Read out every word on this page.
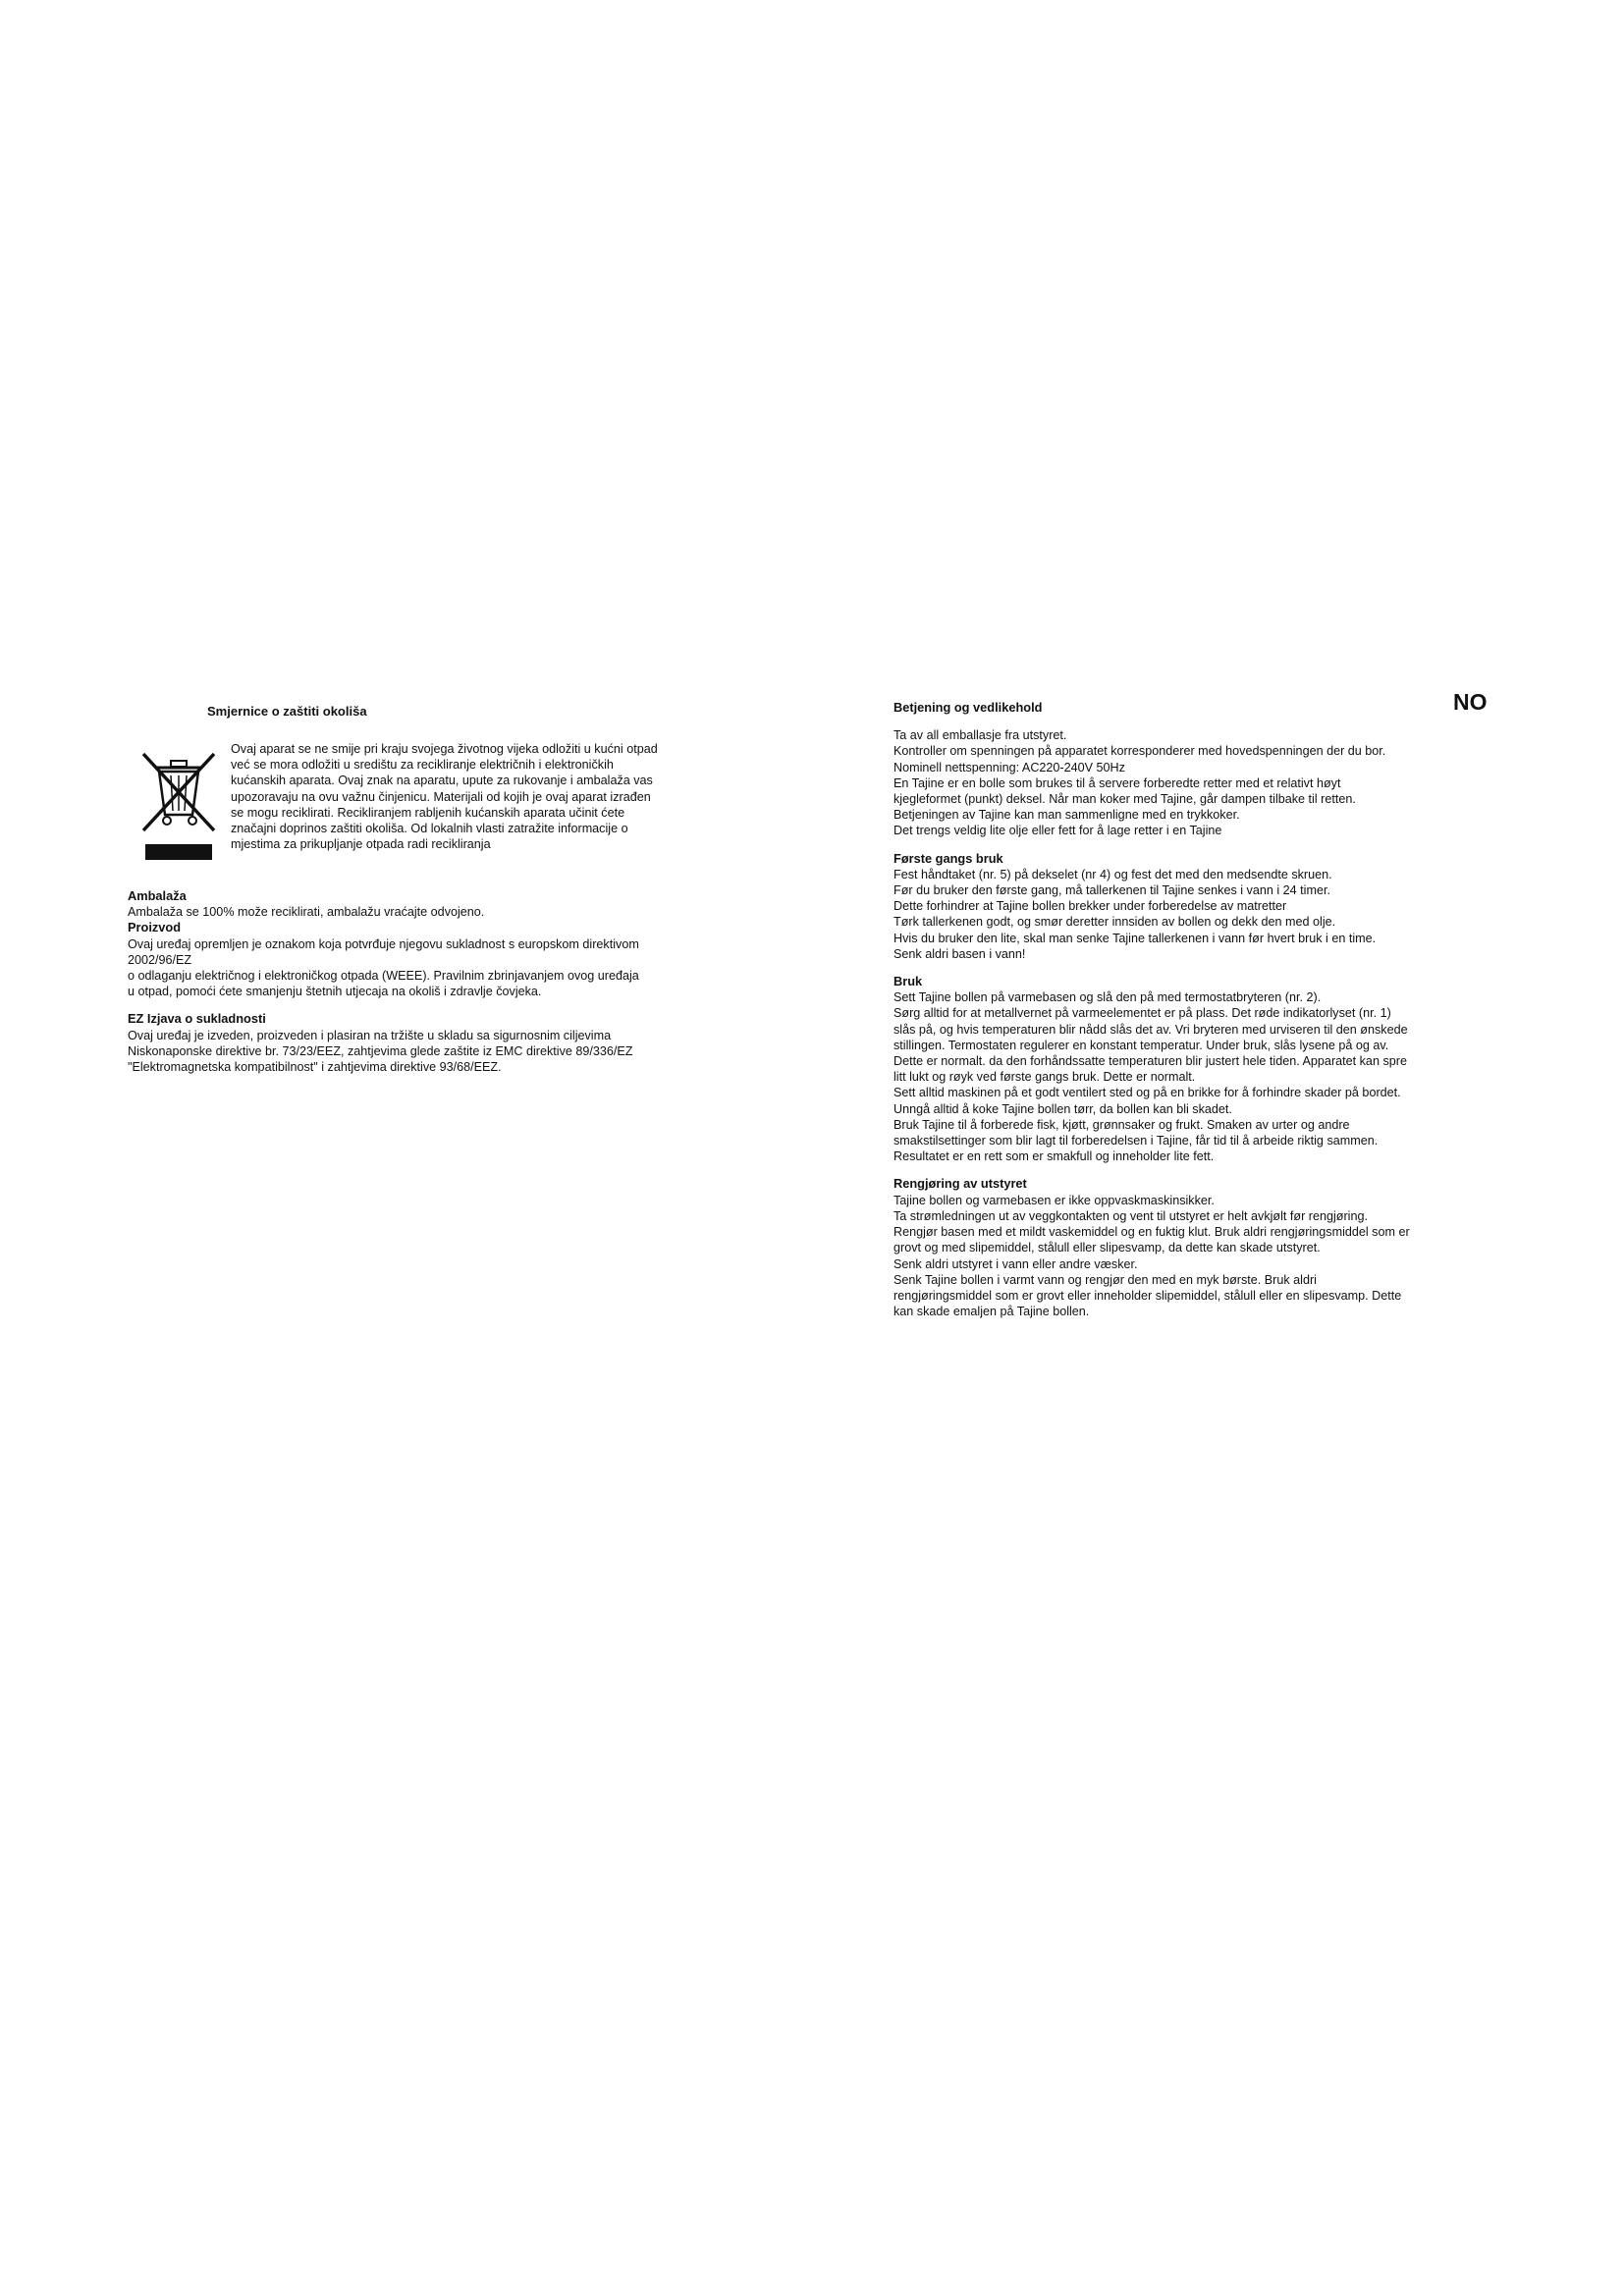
Smjernice o zaštiti okoliša
Ovaj aparat se ne smije pri kraju svojega životnog vijeka odložiti u kućni otpad
već se mora odložiti u središtu za recikliranje električnih i elektroničkih
kućanskih aparata. Ovaj znak na aparatu, upute za rukovanje i ambalaža vas
upozoravaju na ovu važnu činjenicu. Materijali od kojih je ovaj aparat izrađen
se mogu reciklirati. Recikliranjem rabljenih kućanskih aparata učinit ćete
značajni doprinos zaštiti okoliša. Od lokalnih vlasti zatražite informacije o
mjestima za prikupljanje otpada radi recikliranja
Ambalaža
Ambalaža se 100% može reciklirati, ambalažu vraćajte odvojeno.
Proizvod
Ovaj uređaj opremljen je oznakom koja potvrđuje njegovu sukladnost s europskom direktivom
2002/96/EZ
o odlaganju električnog i elektroničkog otpada (WEEE). Pravilnim zbrinjavanjem ovog uređaja
u otpad, pomoći ćete smanjenju štetnih utjecaja na okoliš i zdravlje čovjeka.
EZ Izjava o sukladnosti
Ovaj uređaj je izveden, proizveden i plasiran na tržište u skladu sa sigurnosnim ciljevima
Niskonaponske direktive br. 73/23/EEZ, zahtjevima glede zaštite iz EMC direktive 89/336/EZ
"Elektromagnetska kompatibilnost" i zahtjevima direktive 93/68/EEZ.
NO
Betjening og vedlikehold
Ta av all emballasje fra utstyret.
Kontroller om spenningen på apparatet korresponderer med hovedspenningen der du bor.
Nominell nettspenning: AC220-240V 50Hz
En Tajine er en bolle som brukes til å servere forberedte retter med et relativt høyt
kjegleformet (punkt) deksel. Når man koker med Tajine, går dampen tilbake til retten.
Betjeningen av Tajine kan man sammenligne med en trykkoker.
Det trengs veldig lite olje eller fett for å lage retter i en Tajine
Første gangs bruk
Fest håndtaket (nr. 5) på dekselet (nr 4) og fest det med den medsendte skruen.
Før du bruker den første gang, må tallerkenen til Tajine senkes i vann i 24 timer.
Dette forhindrer at Tajine bollen brekker under forberedelse av matretter
Tørk tallerkenen godt, og smør deretter innsiden av bollen og dekk den med olje.
Hvis du bruker den lite, skal man senke Tajine tallerkenen i vann før hvert bruk i en time.
Senk aldri basen i vann!
Bruk
Sett Tajine bollen på varmebasen og slå den på med termostatbryteren (nr. 2).
Sørg alltid for at metallvernet på varmeelementet er på plass. Det røde indikatorlyset (nr. 1)
slås på, og hvis temperaturen blir nådd slås det av. Vri bryteren med urviseren til den ønskede
stillingen. Termostaten regulerer en konstant temperatur. Under bruk, slås lysene på og av.
Dette er normalt. da den forhåndssatte temperaturen blir justert hele tiden. Apparatet kan spre
litt lukt og røyk ved første gangs bruk. Dette er normalt.
Sett alltid maskinen på et godt ventilert sted og på en brikke for å forhindre skader på bordet.
Unngå alltid å koke Tajine bollen tørr, da bollen kan bli skadet.
Bruk Tajine til å forberede fisk, kjøtt, grønnsaker og frukt. Smaken av urter og andre
smakstilsettinger som blir lagt til forberedelsen i Tajine, får tid til å arbeide riktig sammen.
Resultatet er en rett som er smakfull og inneholder lite fett.
Rengjøring av utstyret
Tajine bollen og varmebasen er ikke oppvaskmaskinsikker.
Ta strømledningen ut av veggkontakten og vent til utstyret er helt avkjølt før rengjøring.
Rengjør basen med et mildt vaskemiddel og en fuktig klut. Bruk aldri rengjøringsmiddel som er
grovt og med slipemiddel, stålull eller slipesvamp, da dette kan skade utstyret.
Senk aldri utstyret i vann eller andre væsker.
Senk Tajine bollen i varmt vann og rengjør den med en myk børste. Bruk aldri
rengjøringsmiddel som er grovt eller inneholder slipemiddel, stålull eller en slipesvamp. Dette
kan skade emaljen på Tajine bollen.
